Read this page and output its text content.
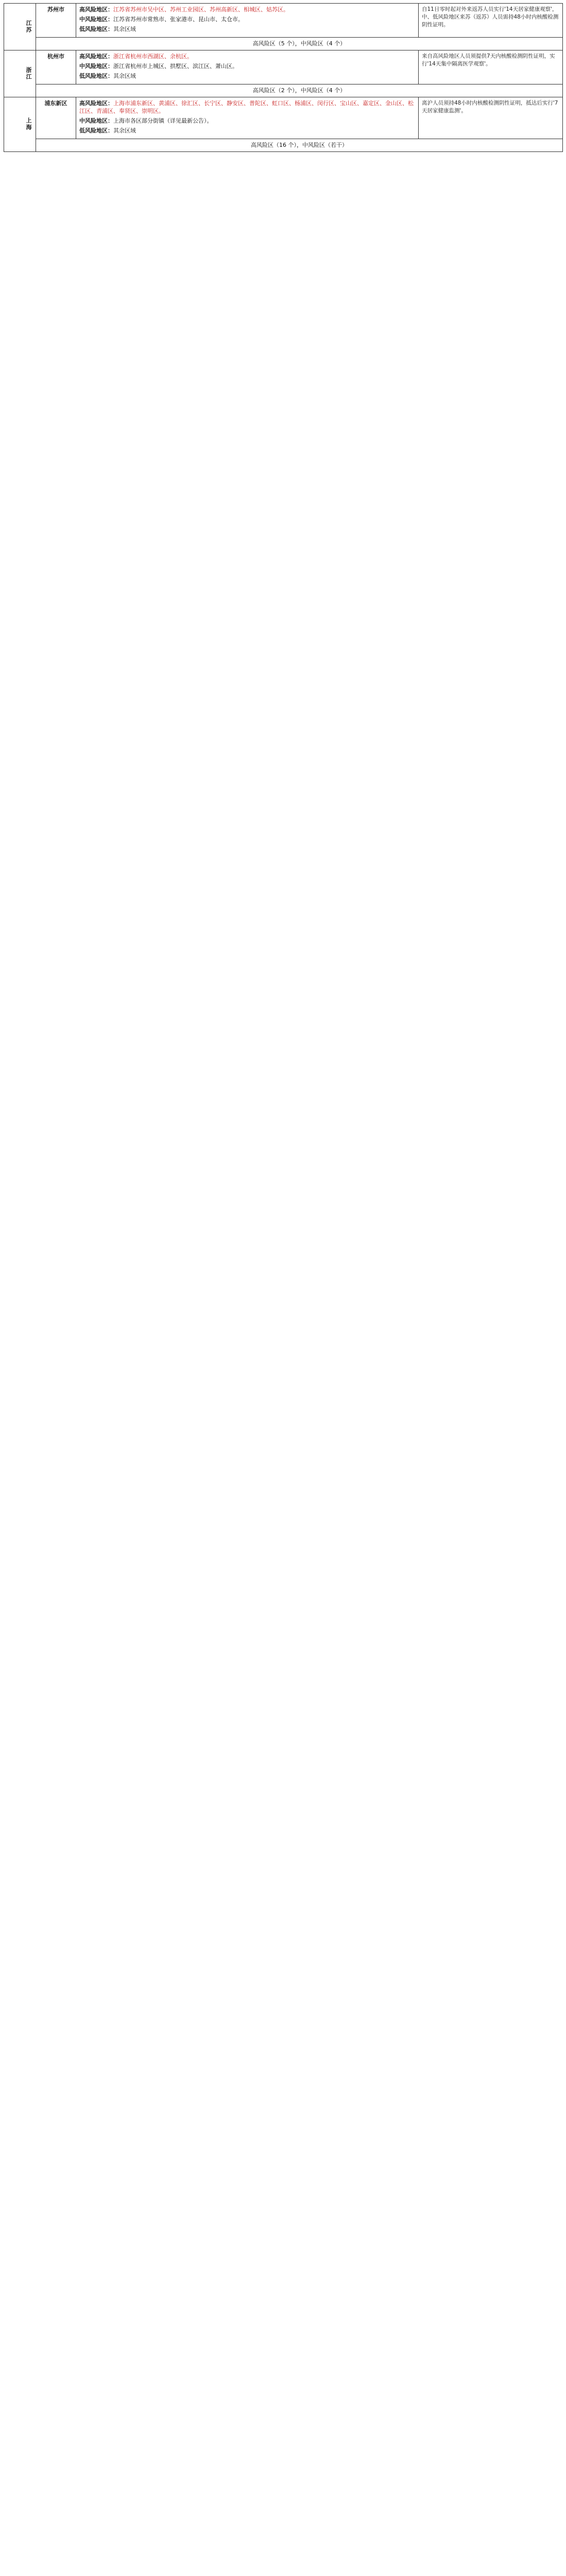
江苏	苏州市	高风险地区：江苏省苏州市吴中区、苏州工业园区、苏州高新区、相城区、姑苏区。

中风险地区：江苏省苏州市常熟市、张家港市、昆山市、太仓市。

低风险地区：其余区域	自11日零时起对外来返苏人员实行'14天居家健康观察'，中、低风险地区来苏（返苏）人员需持48小时内核酸检测阴性证明。
	高风险区（5 个），中风险区（4 个）		
浙江	杭州市	高风险地区：浙江省杭州市西湖区、余杭区。

中风险地区：浙江省杭州市上城区、拱墅区、滨江区、萧山区。

低风险地区：其余区域	来自高风险地区人员须提供7天内核酸检测阴性证明，实行'14天集中隔离医学观察'。
	高风险区（2 个），中风险区（4 个）		
上海	浦东新区	高风险地区：上海市浦东新区、黄浦区、徐汇区、长宁区、静安区、普陀区、虹口区、杨浦区、闵行区、宝山区、嘉定区、金山区、松江区、青浦区、奉贤区、崇明区。

中风险地区：上海市各区部分街镇（详见最新公告）。

低风险地区：其余区域	离沪人员须持48小时内核酸检测阴性证明，抵达后实行'7天居家健康监测'。
	高风险区（16 个），中风险区（若干）		
